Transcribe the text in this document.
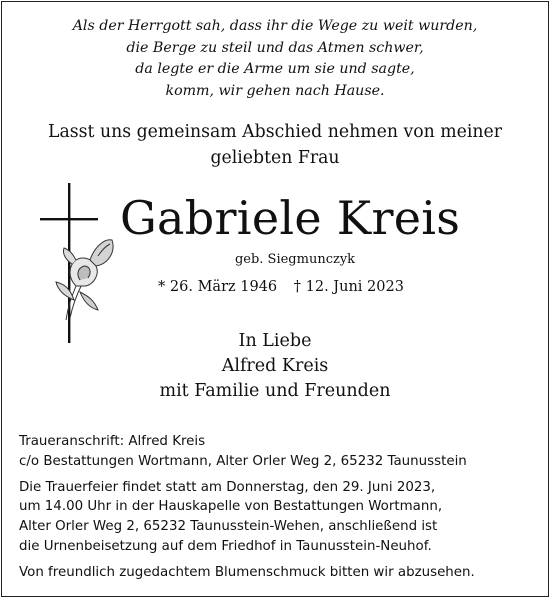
Als der Herrgott sah, dass ihr die Wege zu weit wurden,
die Berge zu steil und das Atmen schwer,
da legte er die Arme um sie und sagte,
komm, wir gehen nach Hause.
Lasst uns gemeinsam Abschied nehmen von meiner
geliebten Frau
Gabriele Kreis
geb. Siegmunczyk
* 26. März 1946 † 12. Juni 2023
In Liebe
Alfred Kreis
mit Familie und Freunden
Traueranschrift: Alfred Kreis
c/o Bestattungen Wortmann, Alter Orler Weg 2, 65232 Taunusstein
Die Trauerfeier findet statt am Donnerstag, den 29. Juni 2023,
um 14.00 Uhr in der Hauskapelle von Bestattungen Wortmann,
Alter Orler Weg 2, 65232 Taunusstein-Wehen, anschließend ist
die Urnenbeisetzung auf dem Friedhof in Taunusstein-Neuhof.
Von freundlich zugedachtem Blumenschmuck bitten wir abzusehen.
